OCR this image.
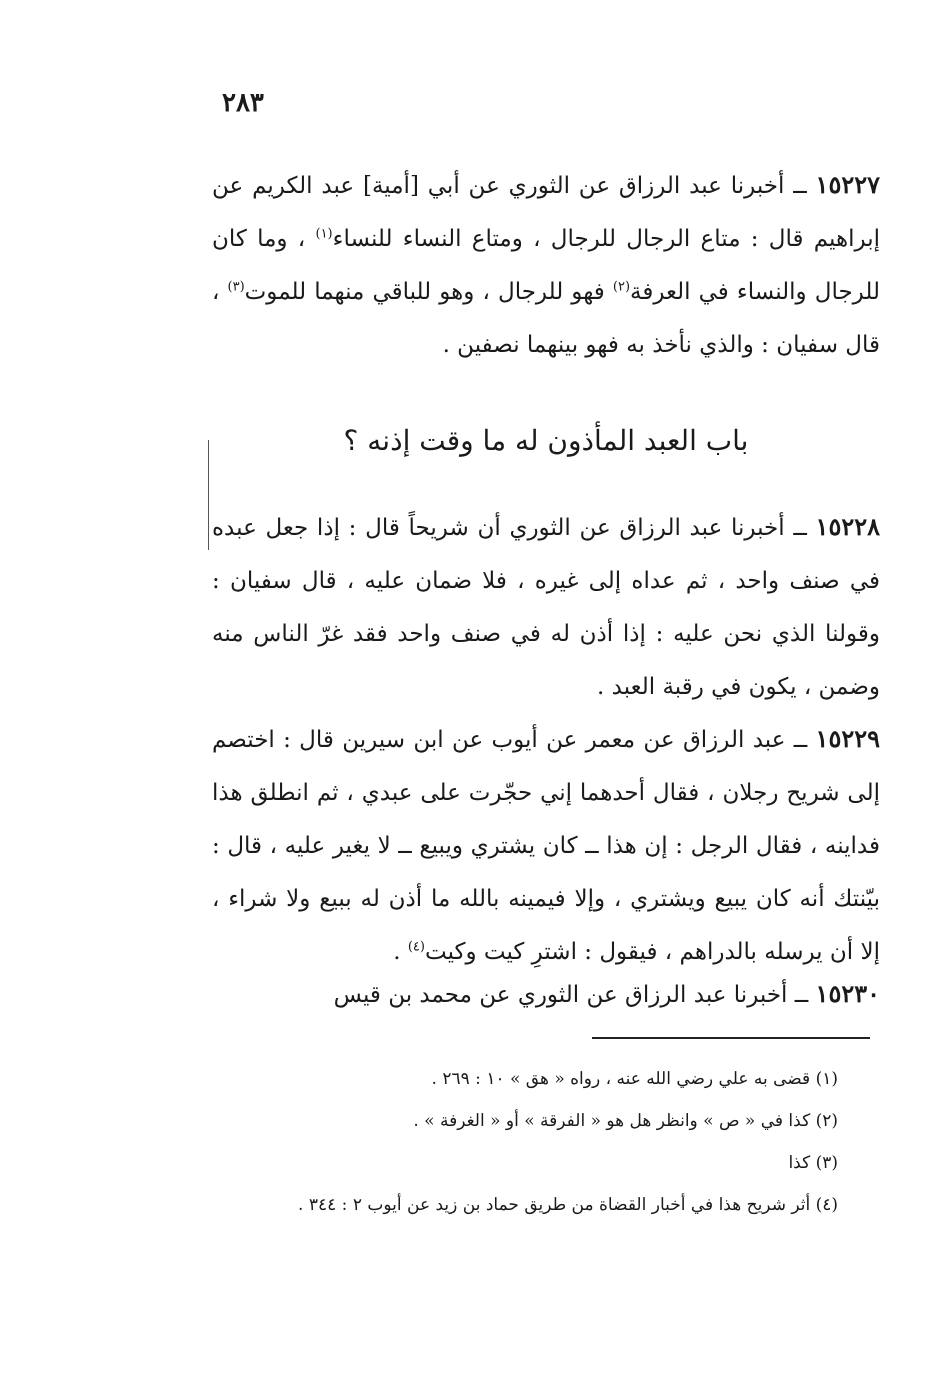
٢٨٣
١٥٢٢٧ ــ أخبرنا عبد الرزاق عن الثوري عن أبي [أمية] عبد الكريم عن إبراهيم قال : متاع الرجال للرجال ، ومتاع النساء للنساء$^{(١)}$ ، وما كان للرجال والنساء في العرفة$^{(٢)}$ فهو للرجال ، وهو للباقي منهما للموت$^{(٣)}$ ، قال سفيان : والذي نأخذ به فهو بينهما نصفين .
باب العبد المأذون له ما وقت إذنه ؟
١٥٢٢٨ ــ أخبرنا عبد الرزاق عن الثوري أن شريحاً قال : إذا جعل عبده في صنف واحد ، ثم عداه إلى غيره ، فلا ضمان عليه ، قال سفيان : وقولنا الذي نحن عليه : إذا أذن له في صنف واحد فقد غرّ الناس منه وضمن ، يكون في رقبة العبد .
١٥٢٢٩ ــ عبد الرزاق عن معمر عن أيوب عن ابن سيرين قال : اختصم إلى شريح رجلان ، فقال أحدهما إني حجّرت على عبدي ، ثم انطلق هذا فداينه ، فقال الرجل : إن هذا ــ كان يشتري ويبيع ــ لا يغير عليه ، قال : بيّنتك أنه كان يبيع ويشتري ، وإلا فيمينه بالله ما أذن له ببيع ولا شراء ، إلا أن يرسله بالدراهم ، فيقول : اشترِ كيت وكيت$^{(٤)}$ .
١٥٢٣٠ ــ أخبرنا عبد الرزاق عن الثوري عن محمد بن قيس
(١) قضى به علي رضي الله عنه ، رواه « هق » ١٠ : ٢٦٩ .
(٢) كذا في « ص » وانظر هل هو « الفرقة » أو « الغرفة » .
(٣) كذا
(٤) أثر شريح هذا في أخبار القضاة من طريق حماد بن زيد عن أيوب ٢ : ٣٤٤ .
